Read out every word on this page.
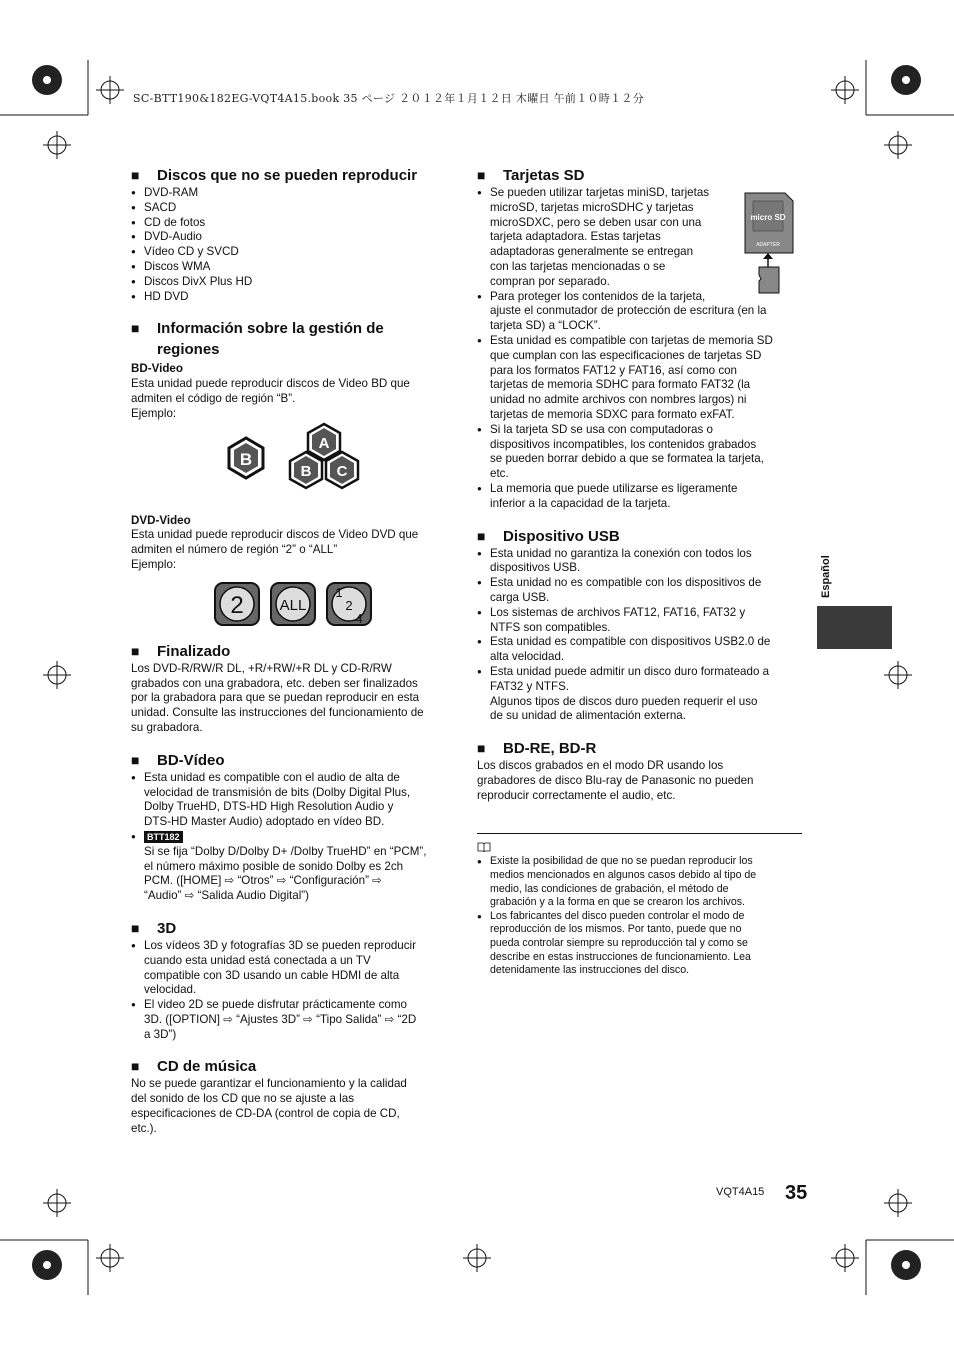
SC-BTT190&182EG-VQT4A15.book 35 ページ ２０１２年１月１２日 木曜日 午前１０時１２分
■ Discos que no se pueden reproducir
● DVD-RAM
● SACD
● CD de fotos
● DVD-Audio
● Vídeo CD y SVCD
● Discos WMA
● Discos DivX Plus HD
● HD DVD
■ Información sobre la gestión de
regiones
BD-Video
Esta unidad puede reproducir discos de Video BD que
admiten el código de región “B”.
Ejemplo:
B
A
B C
DVD-Video
Esta unidad puede reproducir discos de Video DVD que
admiten el número de región “2” o “ALL”
Ejemplo:
2 ALL
1
2
4
■ Finalizado
Los DVD-R/RW/R DL, +R/+RW/+R DL y CD-R/RW
grabados con una grabadora, etc. deben ser finalizados
por la grabadora para que se puedan reproducir en esta
unidad. Consulte las instrucciones del funcionamiento de
su grabadora.
■ BD-Vídeo
● Esta unidad es compatible con el audio de alta de
velocidad de transmisión de bits (Dolby Digital Plus,
Dolby TrueHD, DTS-HD High Resolution Audio y
DTS-HD Master Audio) adoptado en vídeo BD.
● BTT182
Si se fija “Dolby D/Dolby D+ /Dolby TrueHD” en “PCM”,
el número máximo posible de sonido Dolby es 2ch
PCM. ([HOME] ⇨ “Otros” ⇨ “Configuración” ⇨
“Audio” ⇨ “Salida Audio Digital”)
■ 3D
● Los vídeos 3D y fotografías 3D se pueden reproducir
cuando esta unidad está conectada a un TV
compatible con 3D usando un cable HDMI de alta
velocidad.
● El video 2D se puede disfrutar prácticamente como
3D. ([OPTION] ⇨ “Ajustes 3D” ⇨ “Tipo Salida” ⇨ “2D
a 3D”)
■ CD de música
No se puede garantizar el funcionamiento y la calidad
del sonido de los CD que no se ajuste a las
especificaciones de CD-DA (control de copia de CD,
etc.).
■ Tarjetas SD
micro SD
ADAPTER
● Se pueden utilizar tarjetas miniSD, tarjetas
microSD, tarjetas microSDHC y tarjetas
microSDXC, pero se deben usar con una
tarjeta adaptadora. Estas tarjetas
adaptadoras generalmente se entregan
con las tarjetas mencionadas o se
compran por separado.
● Para proteger los contenidos de la tarjeta,
ajuste el conmutador de protección de escritura (en la
tarjeta SD) a “LOCK”.
● Esta unidad es compatible con tarjetas de memoria SD
que cumplan con las especificaciones de tarjetas SD
para los formatos FAT12 y FAT16, así como con
tarjetas de memoria SDHC para formato FAT32 (la
unidad no admite archivos con nombres largos) ni
tarjetas de memoria SDXC para formato exFAT.
● Si la tarjeta SD se usa con computadoras o
dispositivos incompatibles, los contenidos grabados
se pueden borrar debido a que se formatea la tarjeta,
etc.
● La memoria que puede utilizarse es ligeramente
inferior a la capacidad de la tarjeta.
■ Dispositivo USB
● Esta unidad no garantiza la conexión con todos los
dispositivos USB.
● Esta unidad no es compatible con los dispositivos de
carga USB.
● Los sistemas de archivos FAT12, FAT16, FAT32 y
NTFS son compatibles.
● Esta unidad es compatible con dispositivos USB2.0 de
alta velocidad.
● Esta unidad puede admitir un disco duro formateado a
FAT32 y NTFS.
Algunos tipos de discos duro pueden requerir el uso
de su unidad de alimentación externa.
■ BD-RE, BD-R
Los discos grabados en el modo DR usando los
grabadores de disco Blu-ray de Panasonic no pueden
reproducir correctamente el audio, etc.
● Existe la posibilidad de que no se puedan reproducir los
medios mencionados en algunos casos debido al tipo de
medio, las condiciones de grabación, el método de
grabación y a la forma en que se crearon los archivos.
● Los fabricantes del disco pueden controlar el modo de
reproducción de los mismos. Por tanto, puede que no
pueda controlar siempre su reproducción tal y como se
describe en estas instrucciones de funcionamiento. Lea
detenidamente las instrucciones del disco.
Español
VQT4A15 35
